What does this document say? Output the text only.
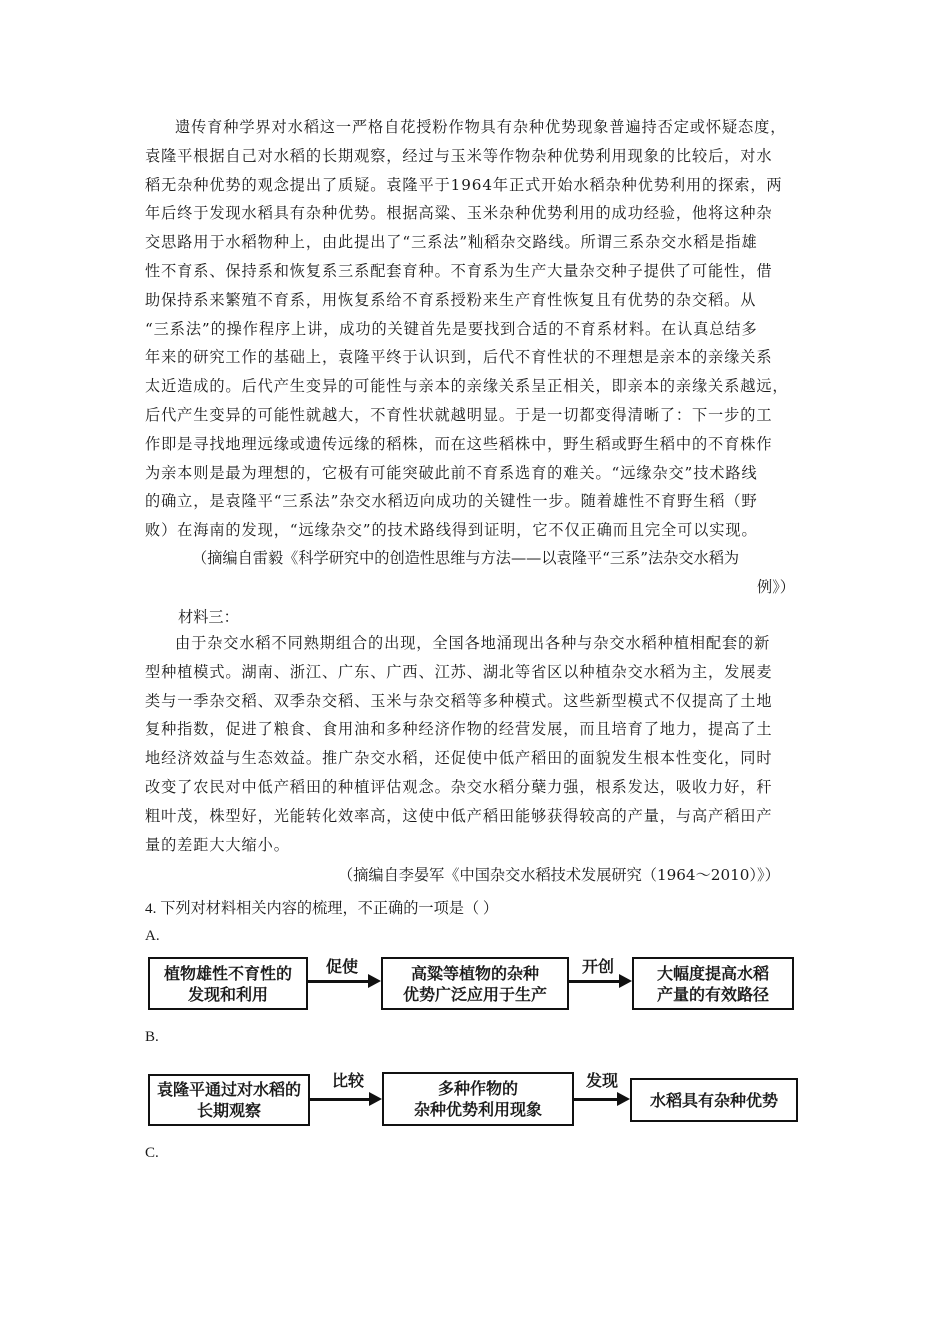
遗传育种学界对水稻这一严格自花授粉作物具有杂种优势现象普遍持否定或怀疑态度，
袁隆平根据自己对水稻的长期观察，经过与玉米等作物杂种优势利用现象的比较后，对水
稻无杂种优势的观念提出了质疑。袁隆平于1964年正式开始水稻杂种优势利用的探索，两
年后终于发现水稻具有杂种优势。根据高粱、玉米杂种优势利用的成功经验，他将这种杂
交思路用于水稻物种上，由此提出了“三系法”籼稻杂交路线。所谓三系杂交水稻是指雄
性不育系、保持系和恢复系三系配套育种。不育系为生产大量杂交种子提供了可能性，借
助保持系来繁殖不育系，用恢复系给不育系授粉来生产育性恢复且有优势的杂交稻。从
“三系法”的操作程序上讲，成功的关键首先是要找到合适的不育系材料。在认真总结多
年来的研究工作的基础上，袁隆平终于认识到，后代不育性状的不理想是亲本的亲缘关系
太近造成的。后代产生变异的可能性与亲本的亲缘关系呈正相关，即亲本的亲缘关系越远，
后代产生变异的可能性就越大，不育性状就越明显。于是一切都变得清晰了：下一步的工
作即是寻找地理远缘或遗传远缘的稻株，而在这些稻株中，野生稻或野生稻中的不育株作
为亲本则是最为理想的，它极有可能突破此前不育系选育的难关。“远缘杂交”技术路线
的确立，是袁隆平“三系法”杂交水稻迈向成功的关键性一步。随着雄性不育野生稻（野
败）在海南的发现，“远缘杂交”的技术路线得到证明，它不仅正确而且完全可以实现。
（摘编自雷毅《科学研究中的创造性思维与方法——以袁隆平“三系”法杂交水稻为
例》）
材料三：
由于杂交水稻不同熟期组合的出现，全国各地涌现出各种与杂交水稻种植相配套的新
型种植模式。湖南、浙江、广东、广西、江苏、湖北等省区以种植杂交水稻为主，发展麦
类与一季杂交稻、双季杂交稻、玉米与杂交稻等多种模式。这些新型模式不仅提高了土地
复种指数，促进了粮食、食用油和多种经济作物的经营发展，而且培育了地力，提高了土
地经济效益与生态效益。推广杂交水稻，还促使中低产稻田的面貌发生根本性变化，同时
改变了农民对中低产稻田的种植评估观念。杂交水稻分蘖力强，根系发达，吸收力好，秆
粗叶茂，株型好，光能转化效率高，这使中低产稻田能够获得较高的产量，与高产稻田产
量的差距大大缩小。
（摘编自李晏军《中国杂交水稻技术发展研究（1964～2010）》）
4. 下列对材料相关内容的梳理，不正确的一项是（ ）
A.
植物雄性不育性的
发现和利用
促使	高粱等植物的杂种
优势广泛应用于生产
开创	大幅度提高水稻
产量的有效路径
B.
袁隆平通过对水稻的
长期观察
比较	多种作物的
杂种优势利用现象
发现
水稻具有杂种优势
C.
